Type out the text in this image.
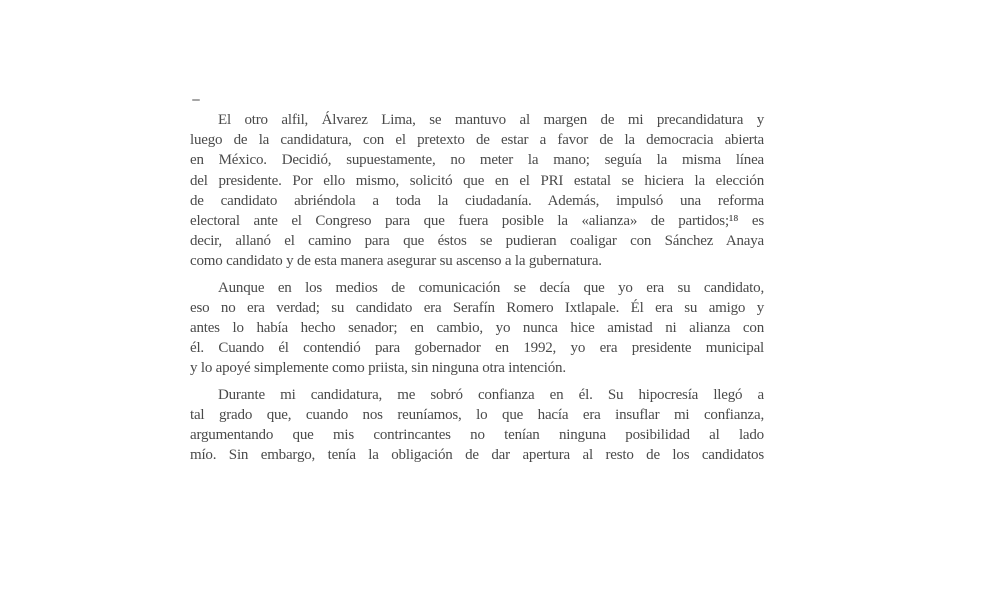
El otro alfil, Álvarez Lima, se mantuvo al margen de mi precandidatura y
luego de la candidatura, con el pretexto de estar a favor de la democracia abierta
en México. Decidió, supuestamente, no meter la mano; seguía la misma línea
del presidente. Por ello mismo, solicitó que en el PRI estatal se hiciera la elección
de candidato abriéndola a toda la ciudadanía. Además, impulsó una reforma
electoral ante el Congreso para que fuera posible la «alianza» de partidos;¹⁸ es
decir, allanó el camino para que éstos se pudieran coaligar con Sánchez Anaya
como candidato y de esta manera asegurar su ascenso a la gubernatura.
Aunque en los medios de comunicación se decía que yo era su candidato,
eso no era verdad; su candidato era Serafín Romero Ixtlapale. Él era su amigo y
antes lo había hecho senador; en cambio, yo nunca hice amistad ni alianza con
él. Cuando él contendió para gobernador en 1992, yo era presidente municipal
y lo apoyé simplemente como priista, sin ninguna otra intención.
Durante mi candidatura, me sobró confianza en él. Su hipocresía llegó a
tal grado que, cuando nos reuníamos, lo que hacía era insuflar mi confianza,
argumentando que mis contrincantes no tenían ninguna posibilidad al lado
mío. Sin embargo, tenía la obligación de dar apertura al resto de los candidatos
